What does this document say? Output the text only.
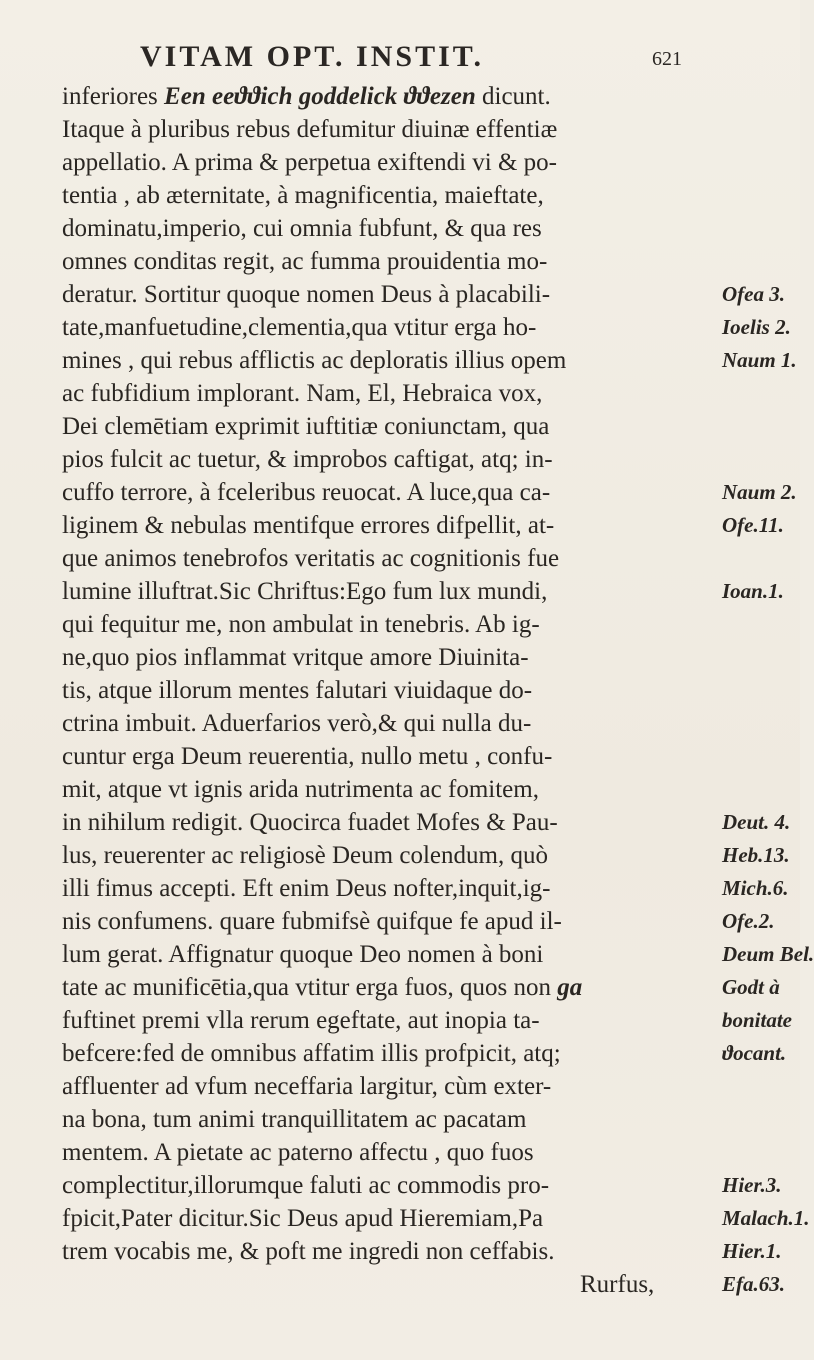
VITAM OPT. INSTIT.	621
inferiores Een eeϑϑich goddelick ϑϑezen dicunt.
Itaque à pluribus rebus defumitur diuinæ effentiæ
appellatio. A prima & perpetua exiftendi vi & po-
tentia , ab æternitate, à magnificentia, maieftate,
dominatu,imperio, cui omnia fubfunt, & qua res
omnes conditas regit, ac fumma prouidentia mo-
deratur. Sortitur quoque nomen Deus à placabili-	Ofea 3.
tate,manfuetudine,clementia,qua vtitur erga ho-	Ioelis 2.
mines , qui rebus afflictis ac deploratis illius opem	Naum 1.
ac fubfidium implorant. Nam, El, Hebraica vox,
Dei clemētiam exprimit iuftitiæ coniunctam, qua
pios fulcit ac tuetur, & improbos caftigat, atq; in-
cuffo terrore, à fceleribus reuocat. A luce,qua ca-	Naum 2.
liginem & nebulas mentifque errores difpellit, at-	Ofe.11.
que animos tenebrofos veritatis ac cognitionis fue
lumine illuftrat.Sic Chriftus:Ego fum lux mundi,	Ioan.1.
qui fequitur me, non ambulat in tenebris. Ab ig-
ne,quo pios inflammat vritque amore Diuinita-
tis, atque illorum mentes falutari viuidaque do-
ctrina imbuit. Aduerfarios verò,& qui nulla du-
cuntur erga Deum reuerentia, nullo metu , confu-
mit, atque vt ignis arida nutrimenta ac fomitem,
in nihilum redigit. Quocirca fuadet Mofes & Pau-	Deut. 4.
lus, reuerenter ac religiosè Deum colendum, quò	Heb.13.
illi fimus accepti. Eft enim Deus nofter,inquit,ig-	Mich.6.
nis confumens. quare fubmifsè quifque fe apud il-	Ofe.2.
lum gerat. Affignatur quoque Deo nomen à boni	Deum Bel.
tate ac munificētia,qua vtitur erga fuos, quos non ga	Godt à
fuftinet premi vlla rerum egeftate, aut inopia ta-	bonitate
befcere:fed de omnibus affatim illis profpicit, atq;	ϑocant.
affluenter ad vfum neceffaria largitur, cùm exter-
na bona, tum animi tranquillitatem ac pacatam
mentem. A pietate ac paterno affectu , quo fuos
complectitur,illorumque faluti ac commodis pro-	Hier.3.
fpicit,Pater dicitur.Sic Deus apud Hieremiam,Pa	Malach.1.
trem vocabis me, & poft me ingredi non ceffabis.	Hier.1.
Rurfus,	Efa.63.
